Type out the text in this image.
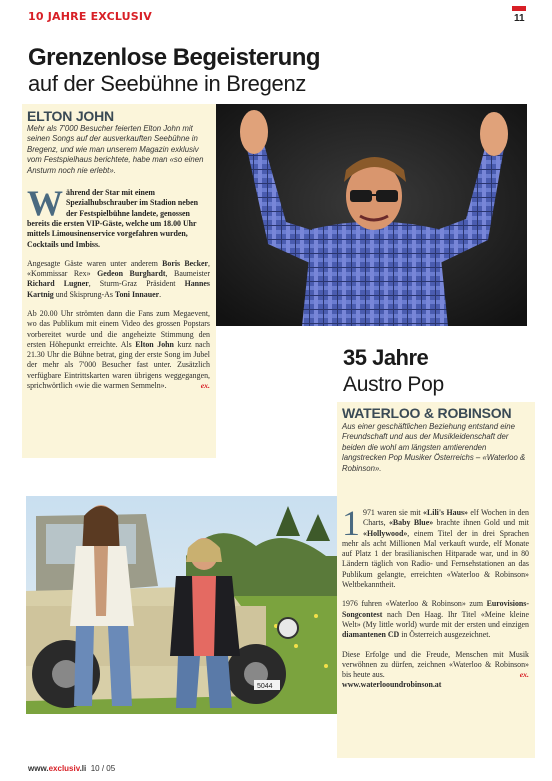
10 JAHRE EXCLUSIV	11
Grenzenlose Begeisterung
auf der Seebühne in Bregenz
ELTON JOHN
Mehr als 7'000 Besucher feierten Elton John mit seinen Songs auf der ausverkauften Seebühne in Bregenz, und wie man unserem Magazin exklusiv vom Festspielhaus berichtete, habe man «so einen Ansturm noch nie erlebt».
Während der Star mit einem Spezialhubschrauber im Stadion neben der Festspielbühne landete, genossen bereits die ersten VIP-Gäste, welche um 18.00 Uhr mittels Limousinenservice vorgefahren wurden, Cocktails und Imbiss.
Angesagte Gäste waren unter anderem Boris Becker, «Kommissar Rex» Gedeon Burghardt, Baumeister Richard Lugner, Sturm-Graz Präsident Hannes Kartnig und Skisprung-As Toni Innauer.
Ab 20.00 Uhr strömten dann die Fans zum Megaevent, wo das Publikum mit einem Video des grossen Popstars vorbereitet wurde und die angeheizte Stimmung den ersten Höhepunkt erreichte. Als Elton John kurz nach 21.30 Uhr die Bühne betrat, ging der erste Song im Jubel der mehr als 7'000 Besucher fast unter. Zusätzlich verfügbare Eintrittskarten waren übrigens weggegangen, sprichwörtlich «wie die warmen Semmeln».	ex.
35 Jahre
Austro Pop
WATERLOO & ROBINSON
Aus einer geschäftlichen Beziehung entstand eine Freundschaft und aus der Musikleidenschaft der beiden die wohl am längsten amtierenden langstrecken Pop Musiker Österreichs – «Waterloo & Robinson».
1 971 waren sie mit «Lili's Haus» elf Wochen in den Charts, «Baby Blue» brachte ihnen Gold und mit «Hollywood», einem Titel der in drei Sprachen mehr als acht Millionen Mal verkauft wurde, elf Monate auf Platz 1 der brasilianischen Hitparade war, und in 80 Ländern täglich von Radio- und Fernsehstationen an das Publikum gelangte, erreichten «Waterloo & Robinson» Weltbekanntheit.
1976 fuhren «Waterloo & Robinson» zum Eurovisions-Songcontest nach Den Haag. Ihr Titel «Meine kleine Welt» (My little world) wurde mit der ersten und einzigen diamantenen CD in Österreich ausgezeichnet.
Diese Erfolge und die Freude, Menschen mit Musik verwöhnen zu dürfen, zeichnen «Waterloo & Robinson» bis heute aus.	ex.
www.waterlooundrobinson.at
5044
www.exclusiv.li 10 / 05
